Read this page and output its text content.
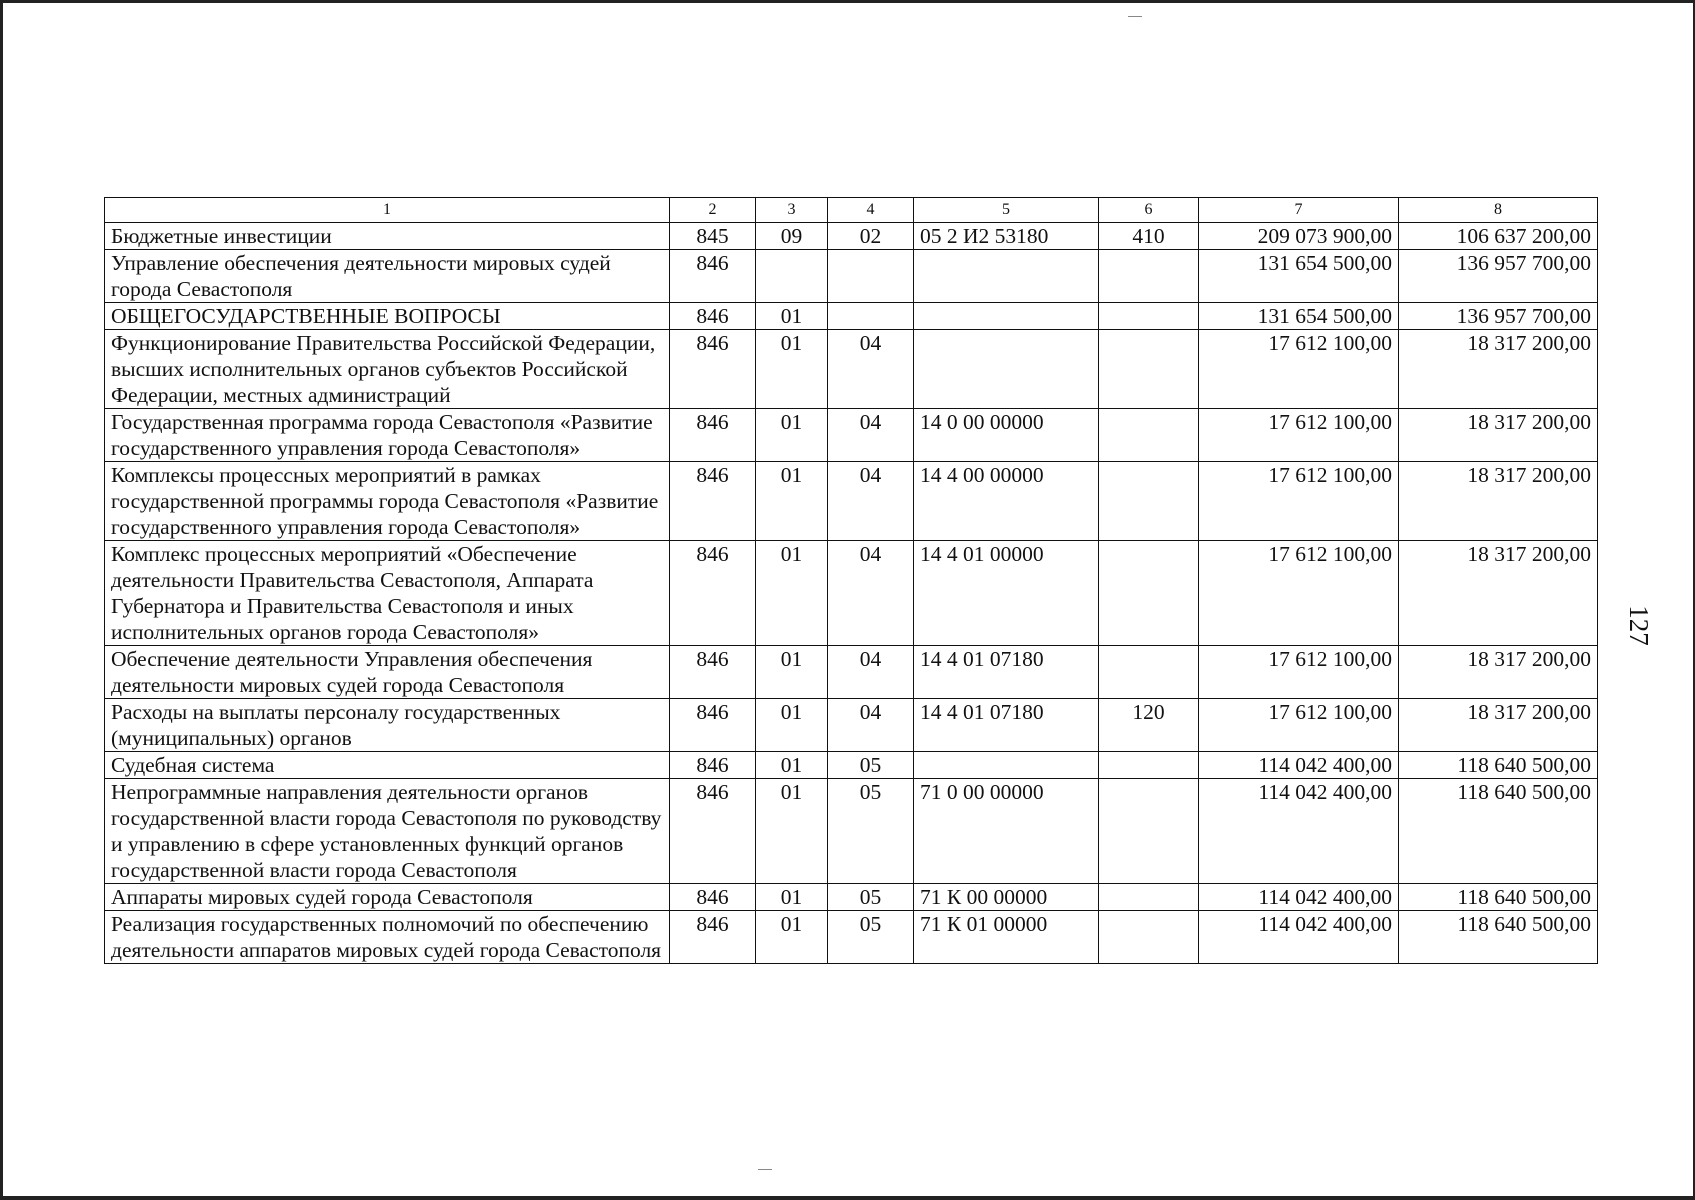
127
1	2	3	4	5	6	7	8
Бюджетные инвестиции	845	09	02	05 2 И2 53180	410	209 073 900,00	106 637 200,00
Управление обеспечения деятельности мировых судей города Севастополя	846					131 654 500,00	136 957 700,00
ОБЩЕГОСУДАРСТВЕННЫЕ ВОПРОСЫ	846	01				131 654 500,00	136 957 700,00
Функционирование Правительства Российской Федерации, высших исполнительных органов субъектов Российской Федерации, местных администраций	846	01	04			17 612 100,00	18 317 200,00
Государственная программа города Севастополя «Развитие государственного управления города Севастополя»	846	01	04	14 0 00 00000		17 612 100,00	18 317 200,00
Комплексы процессных мероприятий в рамках государственной программы города Севастополя «Развитие государственного управления города Севастополя»	846	01	04	14 4 00 00000		17 612 100,00	18 317 200,00
Комплекс процессных мероприятий «Обеспечение деятельности Правительства Севастополя, Аппарата Губернатора и Правительства Севастополя и иных исполнительных органов города Севастополя»	846	01	04	14 4 01 00000		17 612 100,00	18 317 200,00
Обеспечение деятельности Управления обеспечения деятельности мировых судей города Севастополя	846	01	04	14 4 01 07180		17 612 100,00	18 317 200,00
Расходы на выплаты персоналу государственных (муниципальных) органов	846	01	04	14 4 01 07180	120	17 612 100,00	18 317 200,00
Судебная система	846	01	05			114 042 400,00	118 640 500,00
Непрограммные направления деятельности органов государственной власти города Севастополя по руководству и управлению в сфере установленных функций органов государственной власти города Севастополя	846	01	05	71 0 00 00000		114 042 400,00	118 640 500,00
Аппараты мировых судей города Севастополя	846	01	05	71 К 00 00000		114 042 400,00	118 640 500,00
Реализация государственных полномочий по обеспечению деятельности аппаратов мировых судей города Севастополя	846	01	05	71 К 01 00000		114 042 400,00	118 640 500,00
